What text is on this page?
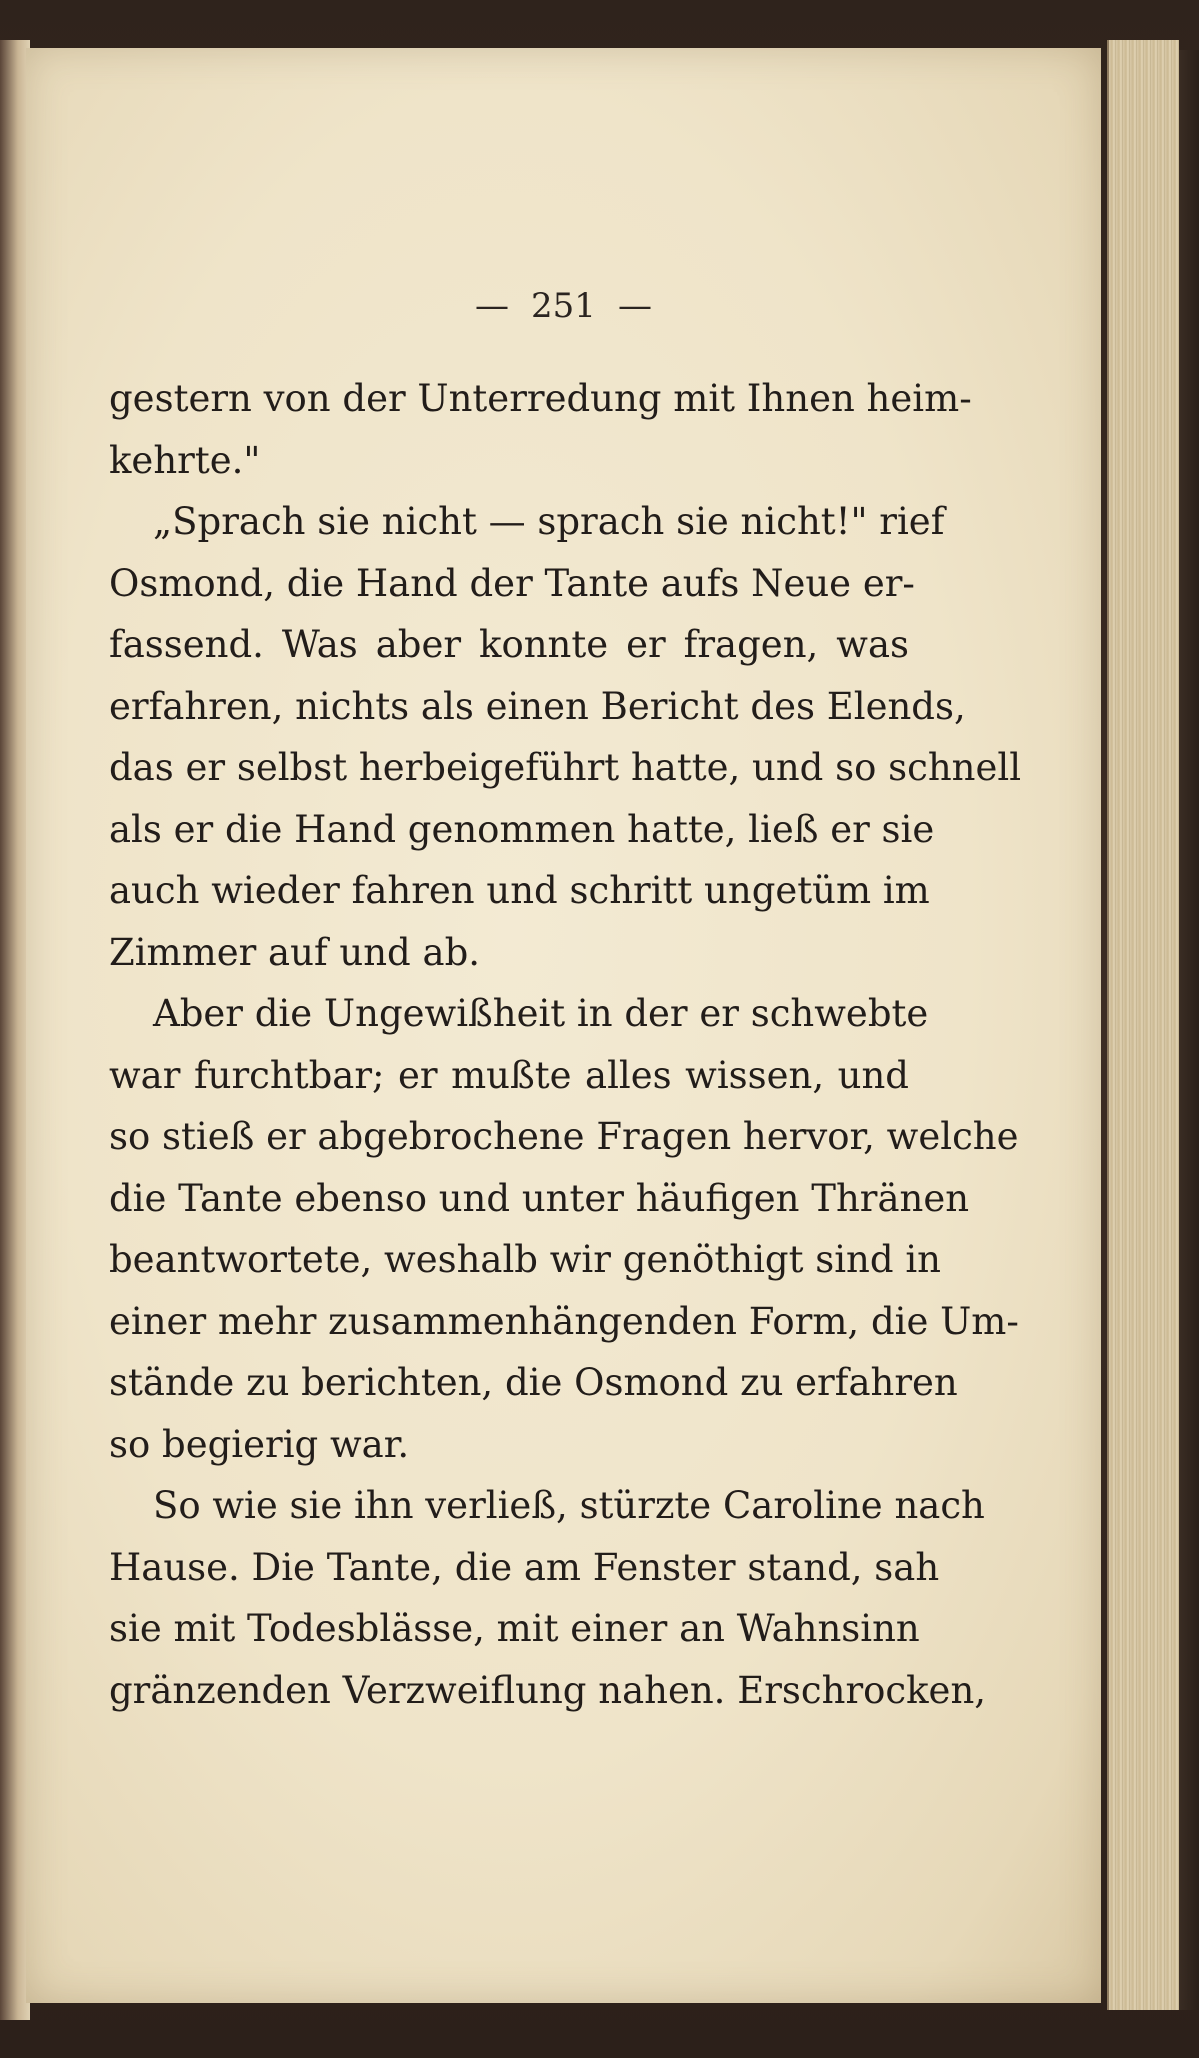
— 251 —
gestern von der Unterredung mit Ihnen heim-
kehrte."
„Sprach sie nicht — sprach sie nicht!" rief
Osmond, die Hand der Tante aufs Neue er-
fassend. Was aber konnte er fragen, was
erfahren, nichts als einen Bericht des Elends,
das er selbst herbeigeführt hatte, und so schnell
als er die Hand genommen hatte, ließ er sie
auch wieder fahren und schritt ungetüm im
Zimmer auf und ab.
Aber die Ungewißheit in der er schwebte
war furchtbar; er mußte alles wissen, und
so stieß er abgebrochene Fragen hervor, welche
die Tante ebenso und unter häufigen Thränen
beantwortete, weshalb wir genöthigt sind in
einer mehr zusammenhängenden Form, die Um-
stände zu berichten, die Osmond zu erfahren
so begierig war.
So wie sie ihn verließ, stürzte Caroline nach
Hause. Die Tante, die am Fenster stand, sah
sie mit Todesblässe, mit einer an Wahnsinn
gränzenden Verzweiflung nahen. Erschrocken,
